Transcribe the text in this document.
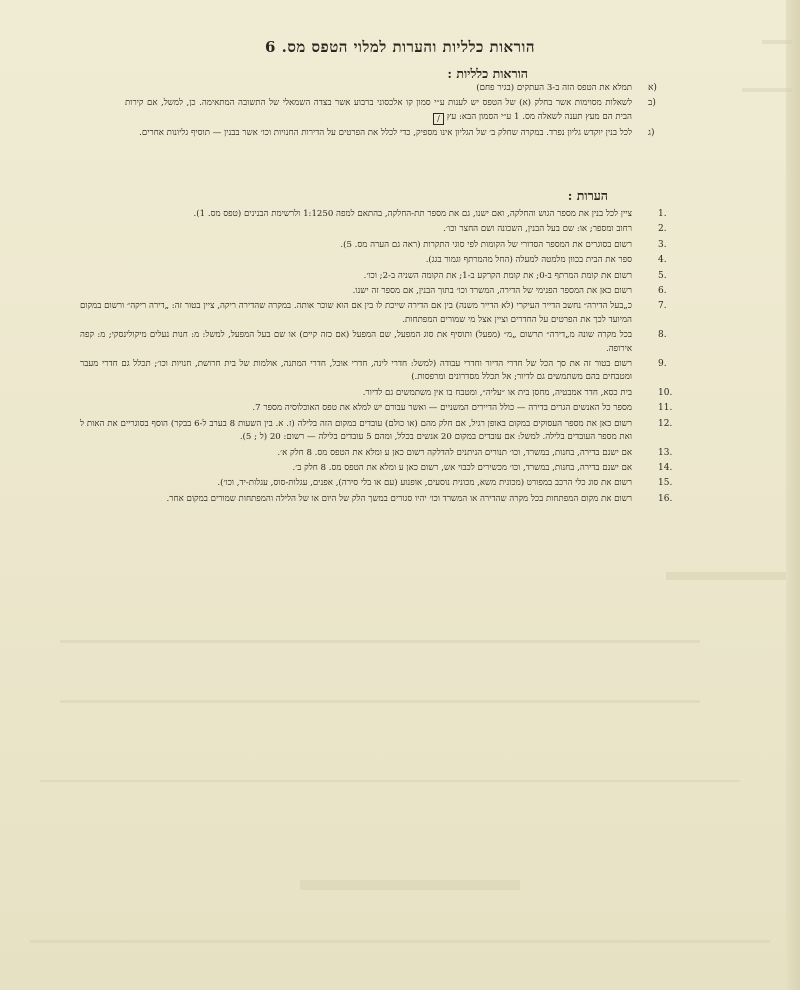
הוראות כלליות והערות למלוי הטפס מס. 6
הוראות כלליות :
א)
תמלא את הטפס הזה ב-3 העתקים (בגיר פחם)
ב)
לשאלות מסוימות אשר בחלק (א) של הטפס יש לענות ע״י סמון קו אלכסוני ברבוע אשר בצדה השמאלי של התשובה המתאימה. כן, למשל, אם קירות הבית הם מעץ תענה לשאלה מס. 1 ע״י הסמון הבא: עץ/
ג)
לכל בנין יוקדש גליון נפרד. במקרה שחלק ב׳ של הגליון אינו מספיק, כדי לכלל את הפרטים על הדירות החנויות וכו׳ אשר בבנין — תוסיף גליונות אחרים.
הערות :
1.
ציין לכל בנין את מספר הגוש והחלקה, ואם ישנו, גם את מספר תת-החלקה, בהתאם למפה 1:1250 ולרשימת הבנינים (טפס מס. 1).
2.
רחוב ומספר; או: שם בעל הבנין, השכונה ושם החצר וכו׳.
3.
רשום בסוגרים את המספר הסדורי של הקומות לפי סוגי התקרות (ראה גם הערה מס. 5).
4.
ספר את הבית בכוון מלמטה למעלה (החל מהמרתף וגמור בגג).
5.
רשום את קומת המרתף ב-0; את קומת הקרקע ב-1; את הקומה השניה ב-2; וכו׳.
6.
רשום כאן את המספר הפנימי של הדירה, המשרד וכו׳ בתוך הבנין, אם מספר זה ישנו.
7.
כ„בעל הדירה״ נחשב הדייר העיקרי (לא הדייר משנה) בין אם הדירה שייכת לו בין אם הוא שוכר אותה. במקרה שהדירה ריקה, ציין בטור זה: „דירה ריקה״ ורשום במקום המיועד לכך את הפרטים על החדרים וציין אצל מי שמורים המפתחות.
8.
בכל מקרה שונה מ„דירה״ תרשום „מ״ (מפעל) ותוסיף את סוג המפעל, שם המפעל (אם כזה קיים) או שם בעל המפעל, למשל: מ: חנות נעלים מיקולינסקי; מ: קפה אירופה.
9.
רשום בטור זה את סך הכל של חדרי הדיור וחדרי עבודה (למשל: חדרי לינה, חדרי אוכל, חדרי המתנה, אולמות של בית חרושת, חנויות וכו׳; תכלל גם חדרי מעבר ומטבחים בהם משתמשים גם לדיור; אל תכלל מסדרונים ומרפסות.)
10.
בית כסא, חדר אמבטיה, מחסן בית או ״עליה״, ומטבח בו אין משתמשים גם לדיור.
11.
מספר כל האנשים הגרים בדירה — כולל הדיירים המשניים — ואשר עבורם יש למלא את טפס האוכלוסיה מספר 7.
12.
רשום כאן את מספר העסוקים במקום באופן רגיל, אם חלק מהם (או כולם) עובדים במקום הזה בלילה (ז. א. בין השעות 8 בערב ל-6 בבקר) הוסף בסוגריים את האות ל ואת מספר העובדים בלילה. למשל: אם עובדים במקום 20 אנשים בכלל, ומהם 5 עובדים בלילה — רשום: 20 (ל ; 5).
13.
אם ישנם בדירה, בחנות, במשרד, וכו׳ תנורים הניתנים להדלקה רשום כאן ע ומלא את הטפס מס. 8 חלק א׳.
14.
אם ישנם בדירה, בחנות, במשרד, וכו׳ מכשירים לכבוי אש, רשום כאן ע ומלא את הטפס מס. 8 חלק ב׳.
15.
רשום את סוג כלי הרכב במפורט (מכונית משא, מכונית נוסעים, אופנוע (עם או בלי סירה), אפנים, עגלות-סוס, עגלות-יד, וכו׳).
16.
רשום את מקום המפתחות בכל מקרה שהדירה או המשרד וכו׳ יהיו סגורים במשך הלק של היום או של הלילה והמפתחות שמורים במקום אחר.
